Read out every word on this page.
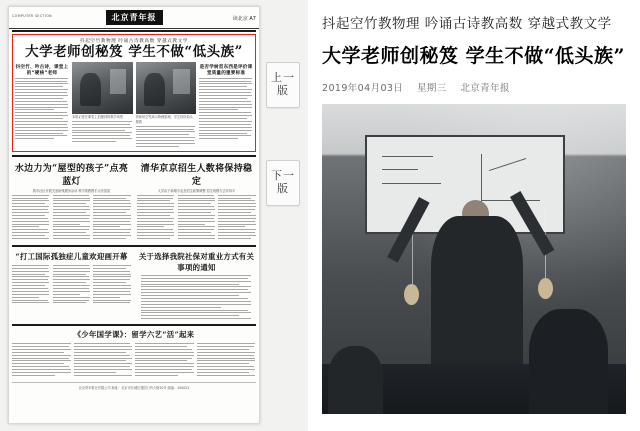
COMPUTER SECTION	北京青年报	读北京 A7
抖起空竹教物理 吟诵古诗教高数 穿越式教文学
大学老师创秘笈 学生不做“低头族”
抖空竹、吟古诗，课堂上的“硬核”老师
本报记者在课堂上拍摄到的教学场景	老师用空竹演示物理原理，学生纷纷抬头观看
是否学树首东西是评价课堂质量的重要标准
水边力为“屋型的孩子”点亮蓝灯
我市社区开展关爱助残服务活动 科学帮教携手点亮星星
清华京京招生人数将保持稳定
人学由于新增专业及招生政策调整 招生规模与去年持平
“打工国际孤独症儿童欢迎画开幕	关于选择我院社保对重业方式有关事项的通知
《少年国学课》：留学六艺“活”起来
北京青年报社有限公司 地址：北京市东城区建国门内大街20号 邮编：100022
上一版
下一版
抖起空竹教物理 吟诵古诗教高数 穿越式教文学
大学老师创秘笈 学生不做“低头族”
2019年04月03日 星期三 北京青年报
